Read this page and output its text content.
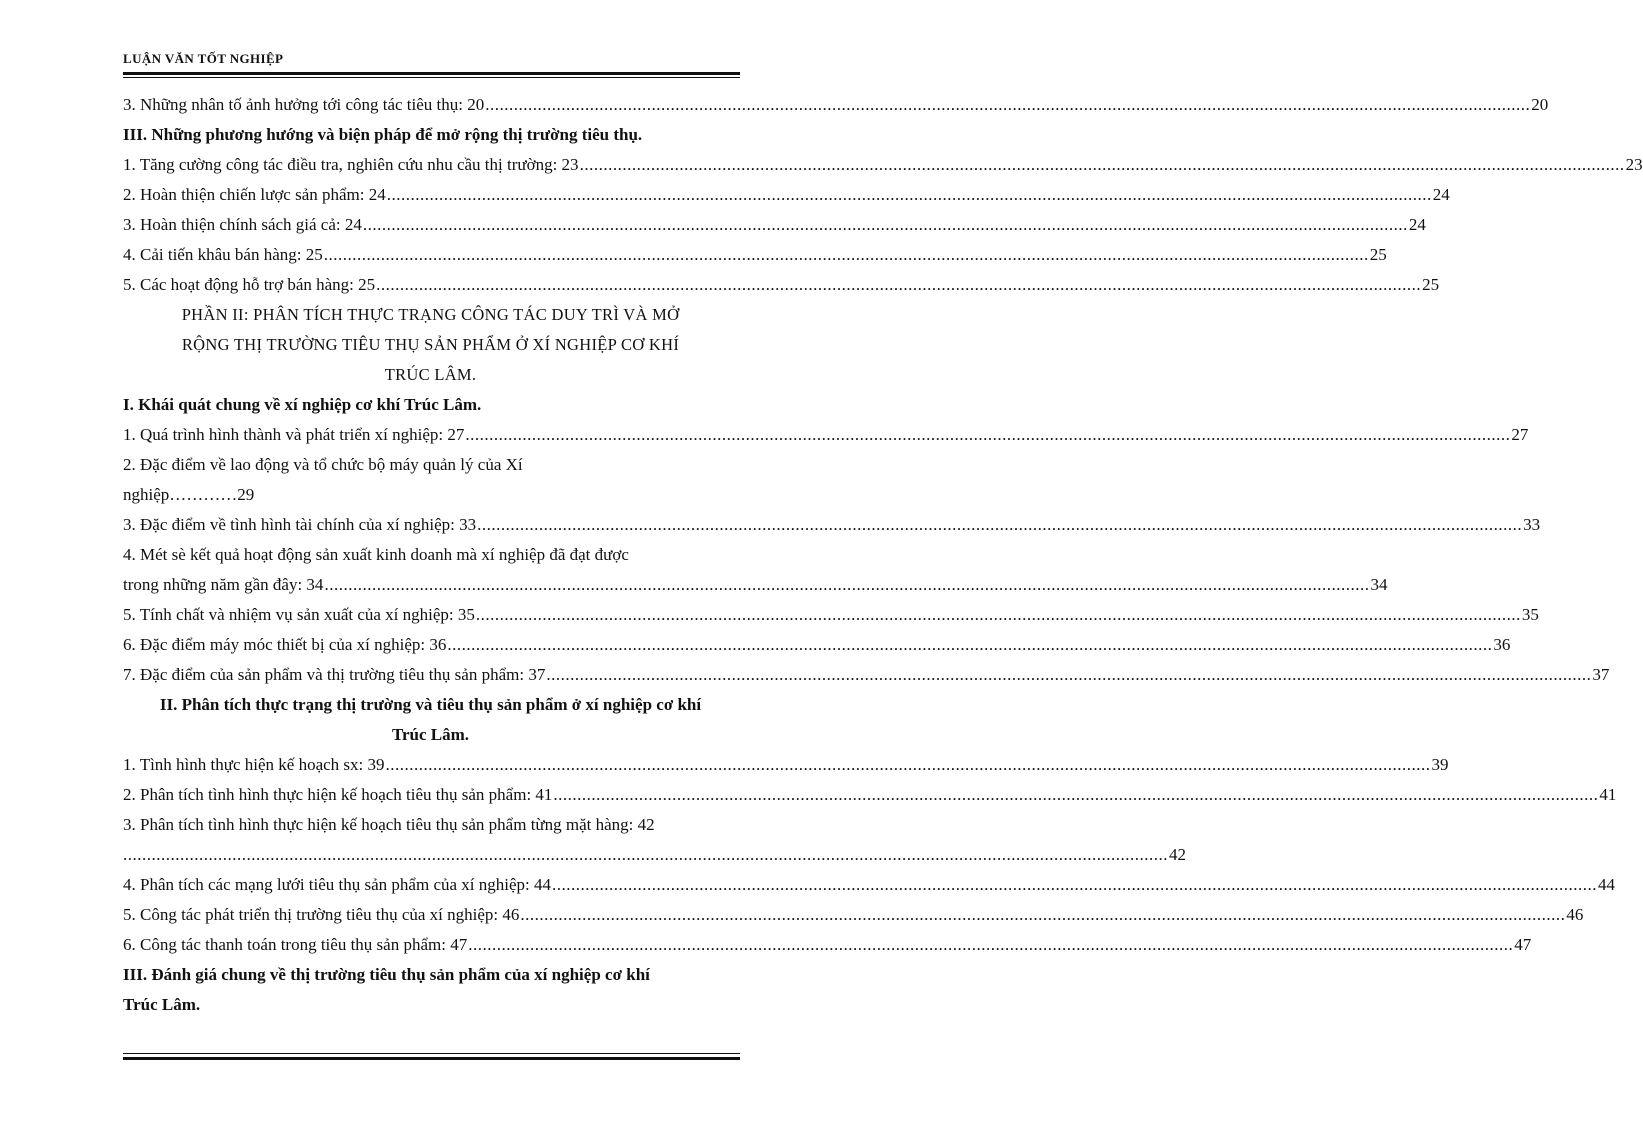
LUẬN VĂN TỐT NGHIỆP
3. Những nhân tố ảnh hưởng tới công tác tiêu thụ: 20 ............................................................................................................................................................................................................................ 20
III. Những phương hướng và biện pháp để mở rộng thị trường tiêu thụ.
1. Tăng cường công tác điều tra, nghiên cứu nhu cầu thị trường: 23 ............................................................................................................................................................................................................................ 23
2. Hoàn thiện chiến lược sản phẩm: 24 ............................................................................................................................................................................................................................ 24
3. Hoàn thiện chính sách giá cả: 24 ............................................................................................................................................................................................................................ 24
4. Cải tiến khâu bán hàng: 25 ............................................................................................................................................................................................................................ 25
5. Các hoạt động hỗ trợ bán hàng: 25 ............................................................................................................................................................................................................................ 25
PHẦN II: PHÂN TÍCH THỰC TRẠNG CÔNG TÁC DUY TRÌ VÀ MỞ
RỘNG THỊ TRƯỜNG TIÊU THỤ SẢN PHẨM Ở XÍ NGHIỆP CƠ KHÍ
TRÚC LÂM.
I. Khái quát chung về xí nghiệp cơ khí Trúc Lâm.
1. Quá trình hình thành và phát triển xí nghiệp: 27 ............................................................................................................................................................................................................................ 27
2. Đặc điểm về lao động và tổ chức bộ máy quản lý của Xí
nghiệp…………29
3. Đặc điểm về tình hình tài chính của xí nghiệp: 33 ............................................................................................................................................................................................................................ 33
4. Mét sè kết quả hoạt động sản xuất kinh doanh mà xí nghiệp đã đạt được
trong những năm gần đây: 34 ............................................................................................................................................................................................................................ 34
5. Tính chất và nhiệm vụ sản xuất của xí nghiệp: 35 ............................................................................................................................................................................................................................ 35
6. Đặc điểm máy móc thiết bị của xí nghiệp: 36 ............................................................................................................................................................................................................................ 36
7. Đặc điểm của sản phẩm và thị trường tiêu thụ sản phẩm: 37 ............................................................................................................................................................................................................................ 37
II. Phân tích thực trạng thị trường và tiêu thụ sản phẩm ở xí nghiệp cơ khí
Trúc Lâm.
1. Tình hình thực hiện kế hoạch sx: 39 ............................................................................................................................................................................................................................ 39
2. Phân tích tình hình thực hiện kế hoạch tiêu thụ sản phẩm: 41 ............................................................................................................................................................................................................................ 41
3. Phân tích tình hình thực hiện kế hoạch tiêu thụ sản phẩm từng mặt hàng: 42
............................................................................................................................................................................................................................ 42
4. Phân tích các mạng lưới tiêu thụ sản phẩm của xí nghiệp: 44 ............................................................................................................................................................................................................................ 44
5. Công tác phát triển thị trường tiêu thụ của xí nghiệp: 46 ............................................................................................................................................................................................................................ 46
6. Công tác thanh toán trong tiêu thụ sản phẩm: 47 ............................................................................................................................................................................................................................ 47
III. Đánh giá chung về thị trường tiêu thụ sản phẩm của xí nghiệp cơ khí
Trúc Lâm.
